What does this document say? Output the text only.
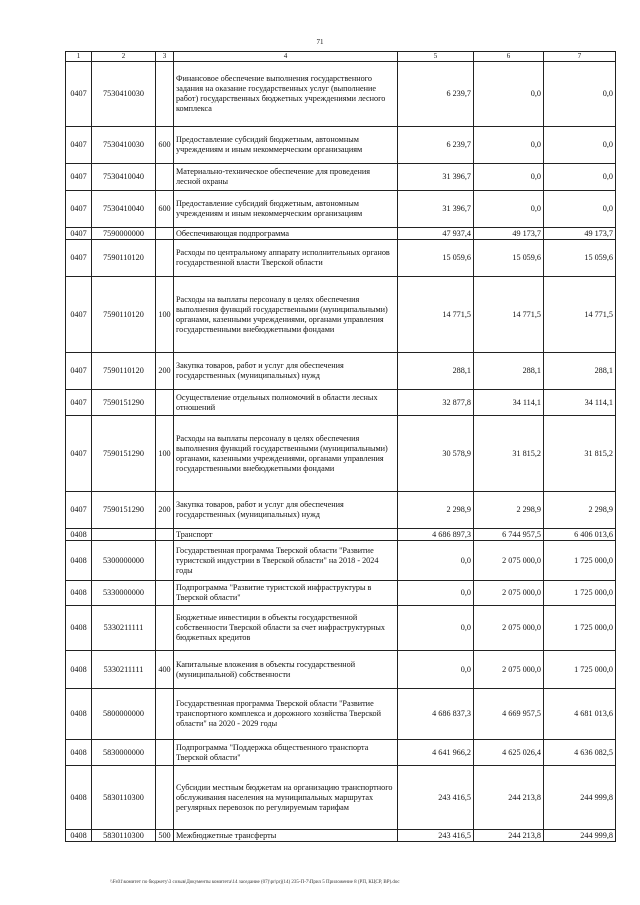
71
1	2	3	4	5	6	7
0407	7530410030		Финансовое обеспечение выполнения государственного задания на оказание государственных услуг (выполнение работ) государственных бюджетных учреждениями лесного комплекса	6 239,7	0,0	0,0
0407	7530410030	600	Предоставление субсидий бюджетным, автономным учреждениям и иным некоммерческим организациям	6 239,7	0,0	0,0
0407	7530410040		Материально-техническое обеспечение для проведения лесной охраны	31 396,7	0,0	0,0
0407	7530410040	600	Предоставление субсидий бюджетным, автономным учреждениям и иным некоммерческим организациям	31 396,7	0,0	0,0
0407	7590000000		Обеспечивающая подпрограмма	47 937,4	49 173,7	49 173,7
0407	7590110120		Расходы по центральному аппарату исполнительных органов государственной власти Тверской области	15 059,6	15 059,6	15 059,6
0407	7590110120	100	Расходы на выплаты персоналу в целях обеспечения выполнения функций государственными (муниципальными) органами, казенными учреждениями, органами управления государственными внебюджетными фондами	14 771,5	14 771,5	14 771,5
0407	7590110120	200	Закупка товаров, работ и услуг для обеспечения государственных (муниципальных) нужд	288,1	288,1	288,1
0407	7590151290		Осуществление отдельных полномочий в области лесных отношений	32 877,8	34 114,1	34 114,1
0407	7590151290	100	Расходы на выплаты персоналу в целях обеспечения выполнения функций государственными (муниципальными) органами, казенными учреждениями, органами управления государственными внебюджетными фондами	30 578,9	31 815,2	31 815,2
0407	7590151290	200	Закупка товаров, работ и услуг для обеспечения государственных (муниципальных) нужд	2 298,9	2 298,9	2 298,9
0408			Транспорт	4 686 897,3	6 744 957,5	6 406 013,6
0408	5300000000		Государственная программа Тверской области "Развитие туристской индустрии в Тверской области" на 2018 - 2024 годы	0,0	2 075 000,0	1 725 000,0
0408	5330000000		Подпрограмма "Развитие туристской инфраструктуры в Тверской области"	0,0	2 075 000,0	1 725 000,0
0408	5330211111		Бюджетные инвестиции в объекты государственной собственности Тверской области за счет инфраструктурных бюджетных кредитов	0,0	2 075 000,0	1 725 000,0
0408	5330211111	400	Капитальные вложения в объекты государственной (муниципальной) собственности	0,0	2 075 000,0	1 725 000,0
0408	5800000000		Государственная программа Тверской области "Развитие транспортного комплекса и дорожного хозяйства Тверской области" на 2020 - 2029 годы	4 686 837,3	4 669 957,5	4 681 013,6
0408	5830000000		Подпрограмма "Поддержка общественного транспорта Тверской области"	4 641 966,2	4 625 026,4	4 636 082,5
0408	5830110300		Субсидии местным бюджетам на организацию транспортного обслуживания населения на муниципальных маршрутах регулярных перевозок по регулируемым тарифам	243 416,5	244 213,8	244 999,8
0408	5830110300	500	Межбюджетные трансферты	243 416,5	244 213,8	244 999,8
\\Fs01\комитет по бюджету\3 созыв\Документы комитета\14 заседание (07)\pr\prj(14) 235-П-7\Прил 5 Приложение 8 (РП, КЦСР, ВР).doc
